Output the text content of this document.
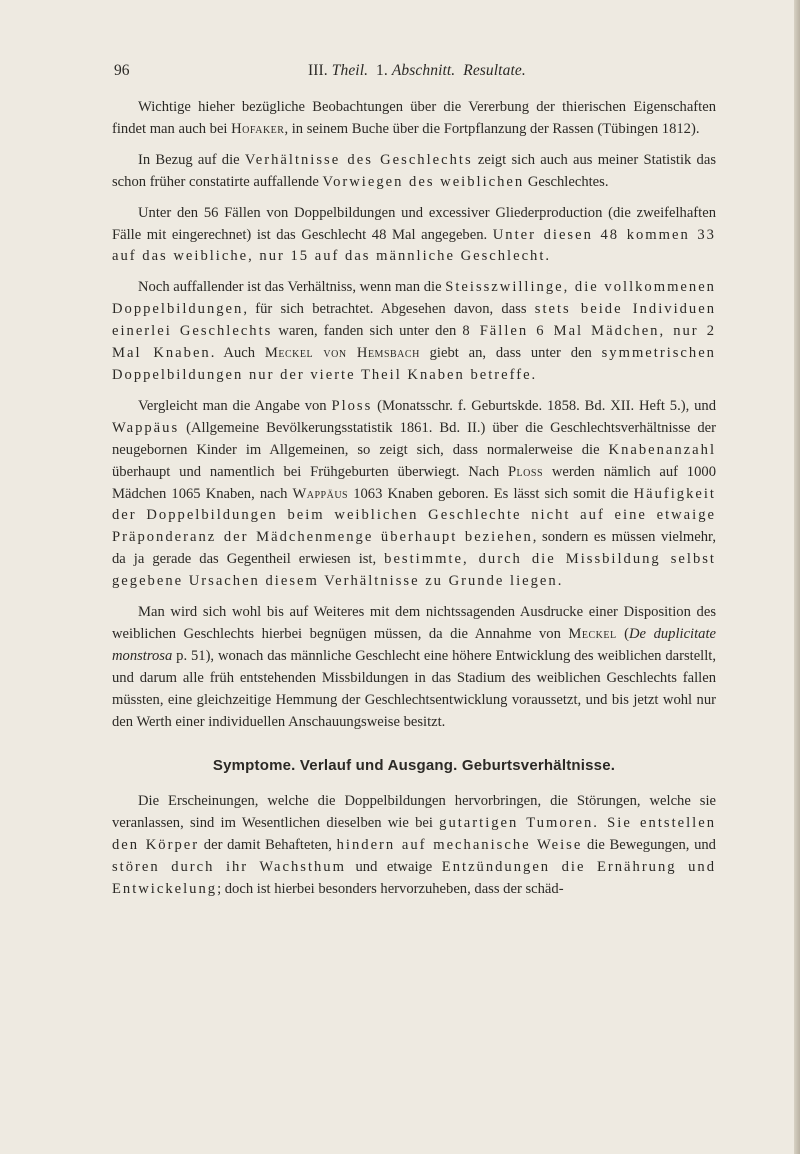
96	III. Theil. 1. Abschnitt. Resultate.

Wichtige hieher bezügliche Beobachtungen über die Vererbung der thierischen Eigenschaften findet man auch bei Hofaker, in seinem Buche über die Fortpflanzung der Rassen (Tübingen 1812).

In Bezug auf die Verhältnisse des Geschlechts zeigt sich auch aus meiner Statistik das schon früher constatirte auffallende Vorwiegen des weiblichen Geschlechtes.

Unter den 56 Fällen von Doppelbildungen und excessiver Gliederproduction (die zweifelhaften Fälle mit eingerechnet) ist das Geschlecht 48 Mal angegeben. Unter diesen 48 kommen 33 auf das weibliche, nur 15 auf das männliche Geschlecht.

Noch auffallender ist das Verhältniss, wenn man die Steisszwillinge, die vollkommenen Doppelbildungen, für sich betrachtet. Abgesehen davon, dass stets beide Individuen einerlei Geschlechts waren, fanden sich unter den 8 Fällen 6 Mal Mädchen, nur 2 Mal Knaben. Auch Meckel von Hemsbach giebt an, dass unter den symmetrischen Doppelbildungen nur der vierte Theil Knaben betreffe.

Vergleicht man die Angabe von Ploss (Monatsschr. f. Geburtskde. 1858. Bd. XII. Heft 5.), und Wappäus (Allgemeine Bevölkerungsstatistik 1861. Bd. II.) über die Geschlechtsverhältnisse der neugebornen Kinder im Allgemeinen, so zeigt sich, dass normalerweise die Knabenanzahl überhaupt und namentlich bei Frühgeburten überwiegt. Nach Ploss werden nämlich auf 1000 Mädchen 1065 Knaben, nach Wappäus 1063 Knaben geboren. Es lässt sich somit die Häufigkeit der Doppelbildungen beim weiblichen Geschlechte nicht auf eine etwaige Präponderanz der Mädchenmenge überhaupt beziehen, sondern es müssen vielmehr, da ja gerade das Gegentheil erwiesen ist, bestimmte, durch die Missbildung selbst gegebene Ursachen diesem Verhältnisse zu Grunde liegen.

Man wird sich wohl bis auf Weiteres mit dem nichtssagenden Ausdrucke einer Disposition des weiblichen Geschlechts hierbei begnügen müssen, da die Annahme von Meckel (De duplicitate monstrosa p. 51), wonach das männliche Geschlecht eine höhere Entwicklung des weiblichen darstellt, und darum alle früh entstehenden Missbildungen in das Stadium des weiblichen Geschlechts fallen müssten, eine gleichzeitige Hemmung der Geschlechtsentwicklung voraussetzt, und bis jetzt wohl nur den Werth einer individuellen Anschauungsweise besitzt.

Symptome. Verlauf und Ausgang. Geburtsverhältnisse.

Die Erscheinungen, welche die Doppelbildungen hervorbringen, die Störungen, welche sie veranlassen, sind im Wesentlichen dieselben wie bei gutartigen Tumoren. Sie entstellen den Körper der damit Behafteten, hindern auf mechanische Weise die Bewegungen, und stören durch ihr Wachsthum und etwaige Entzündungen die Ernährung und Entwickelung; doch ist hierbei besonders hervorzuheben, dass der schäd-
